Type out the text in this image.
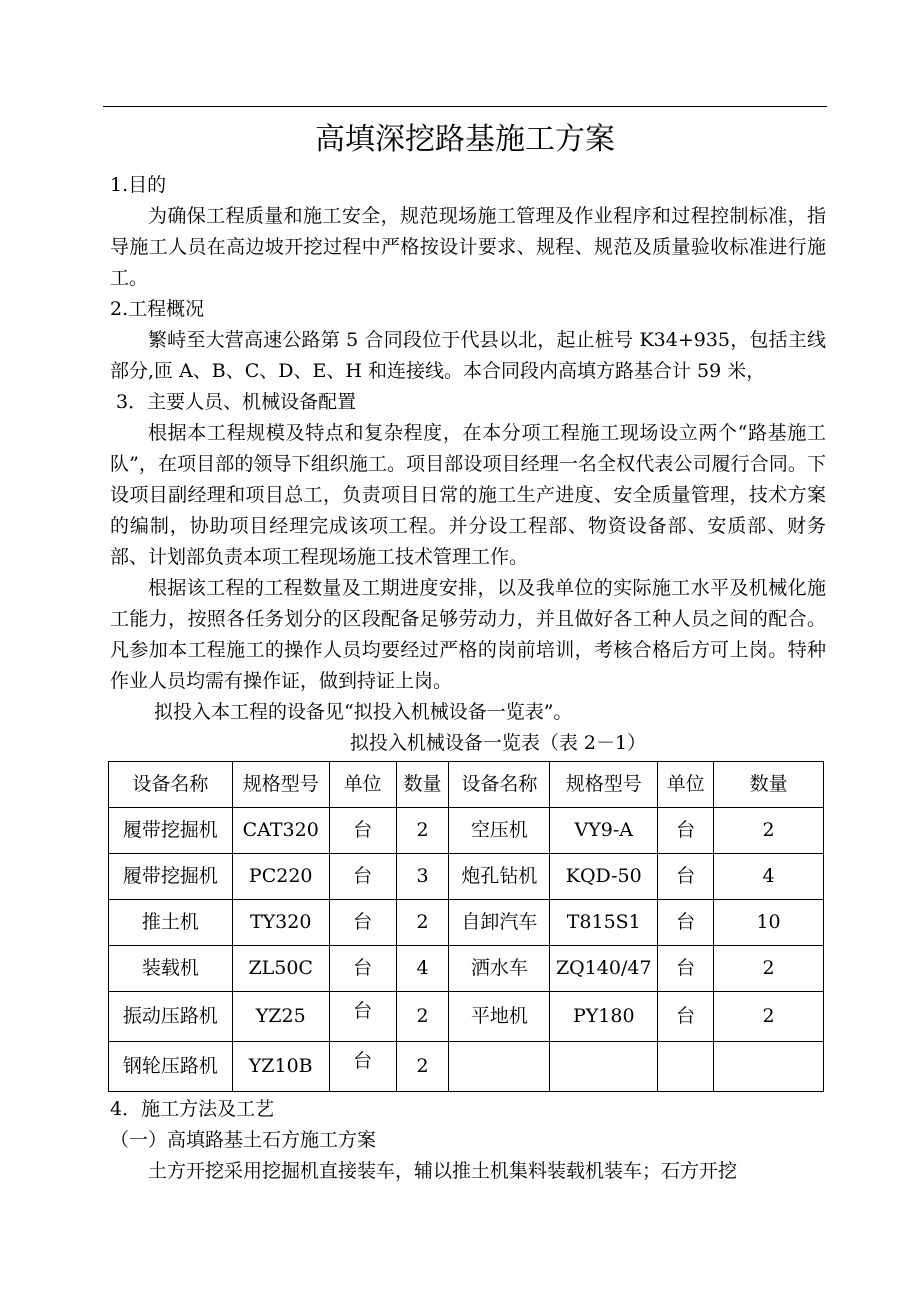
高填深挖路基施工方案

1.目的

为确保工程质量和施工安全，规范现场施工管理及作业程序和过程控制标准，指导施工人员在高边坡开挖过程中严格按设计要求、规程、规范及质量验收标准进行施工。

2.工程概况

繁峙至大营高速公路第 5 合同段位于代县以北，起止桩号 K34+935，包括主线部分,匝 A、B、C、D、E、H 和连接线。本合同段内高填方路基合计 59 米，

3．主要人员、机械设备配置

根据本工程规模及特点和复杂程度，在本分项工程施工现场设立两个“路基施工队”，在项目部的领导下组织施工。项目部设项目经理一名全权代表公司履行合同。下设项目副经理和项目总工，负责项目日常的施工生产进度、安全质量管理，技术方案的编制，协助项目经理完成该项工程。并分设工程部、物资设备部、安质部、财务部、计划部负责本项工程现场施工技术管理工作。

根据该工程的工程数量及工期进度安排，以及我单位的实际施工水平及机械化施工能力，按照各任务划分的区段配备足够劳动力，并且做好各工种人员之间的配合。凡参加本工程施工的操作人员均要经过严格的岗前培训，考核合格后方可上岗。特种作业人员均需有操作证，做到持证上岗。

拟投入本工程的设备见“拟投入机械设备一览表”。

拟投入机械设备一览表（表 2－1）

设备名称	规格型号	单位	数量	设备名称	规格型号	单位	数量
履带挖掘机	CAT320	台	2	空压机	VY9-A	台	2
履带挖掘机	PC220	台	3	炮孔钻机	KQD-50	台	4
推土机	TY320	台	2	自卸汽车	T815S1	台	10
装载机	ZL50C	台	4	洒水车	ZQ140/47	台	2
振动压路机	YZ25	台	2	平地机	PY180	台	2
钢轮压路机	YZ10B	台	2				

4．施工方法及工艺

（一）高填路基土石方施工方案

土方开挖采用挖掘机直接装车，辅以推土机集料装载机装车；石方开挖
